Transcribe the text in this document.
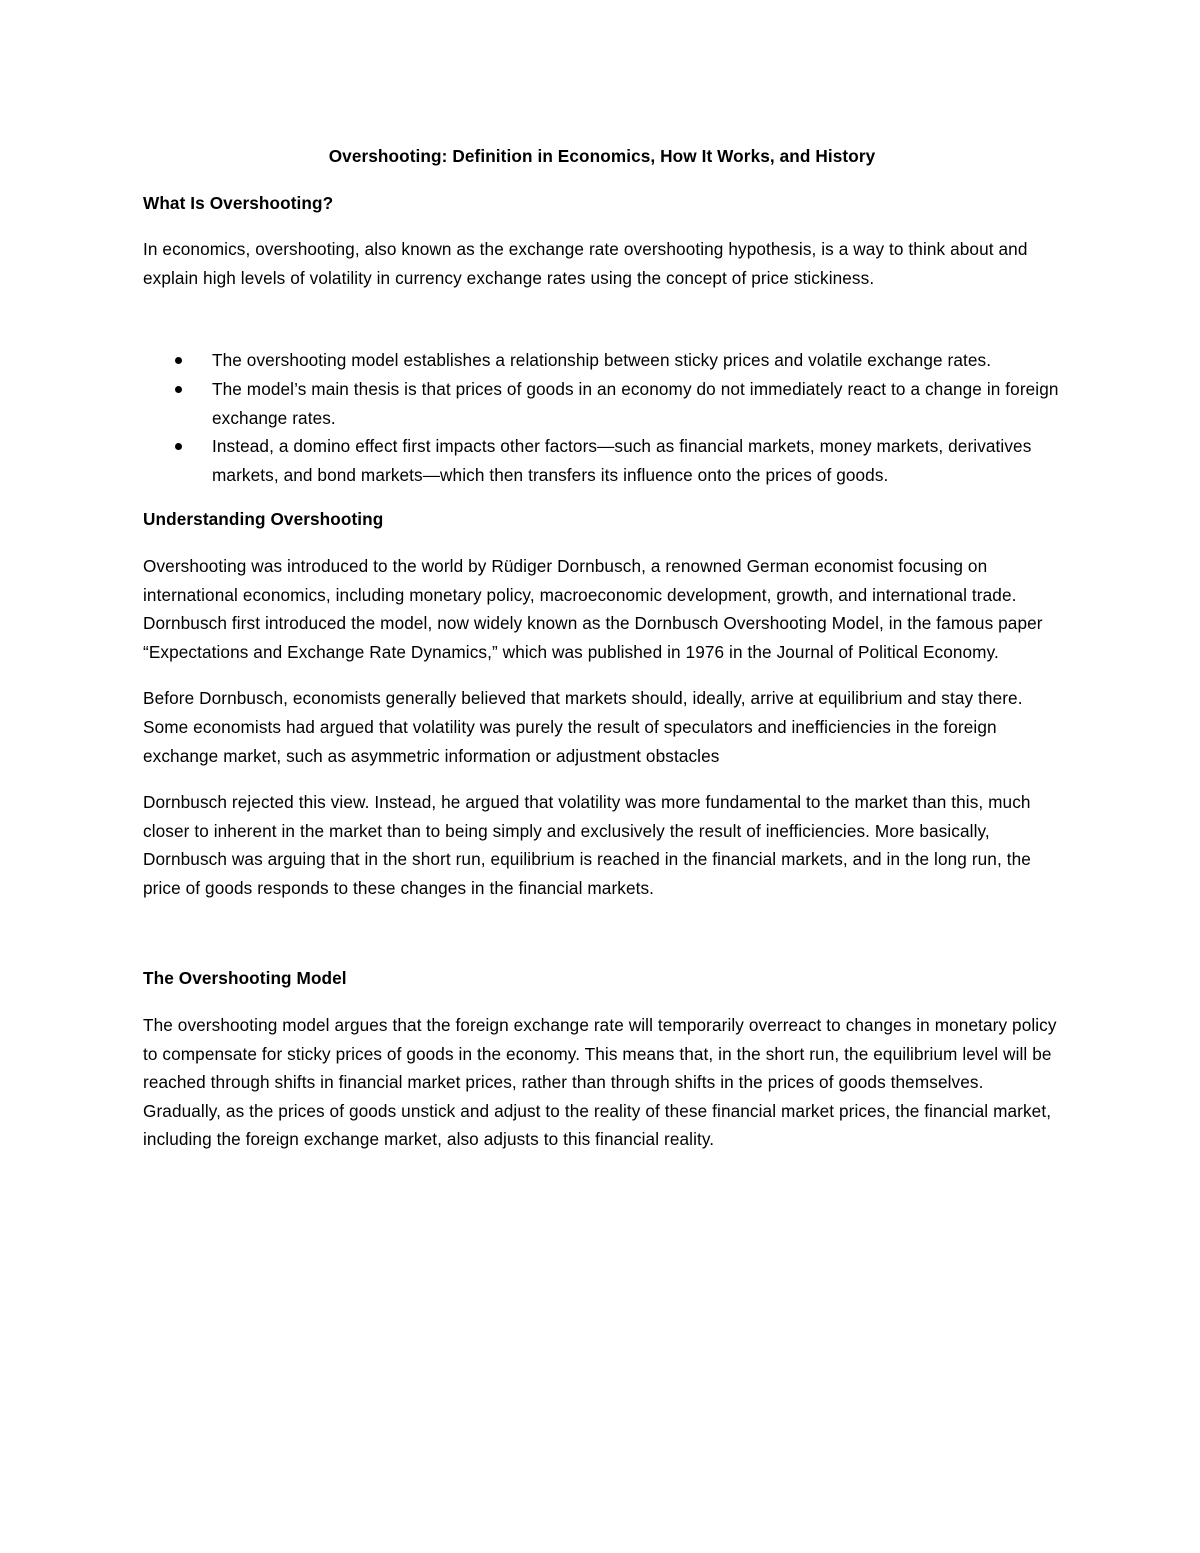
Overshooting: Definition in Economics, How It Works, and History
What Is Overshooting?

In economics, overshooting, also known as the exchange rate overshooting hypothesis, is a way to think about and explain high levels of volatility in currency exchange rates using the concept of price stickiness.

The overshooting model establishes a relationship between sticky prices and volatile exchange rates.
The model’s main thesis is that prices of goods in an economy do not immediately react to a change in foreign exchange rates.
Instead, a domino effect first impacts other factors—such as financial markets, money markets, derivatives markets, and bond markets—which then transfers its influence onto the prices of goods.
Understanding Overshooting

Overshooting was introduced to the world by Rüdiger Dornbusch, a renowned German economist focusing on international economics, including monetary policy, macroeconomic development, growth, and international trade. Dornbusch first introduced the model, now widely known as the Dornbusch Overshooting Model, in the famous paper “Expectations and Exchange Rate Dynamics,” which was published in 1976 in the Journal of Political Economy.

Before Dornbusch, economists generally believed that markets should, ideally, arrive at equilibrium and stay there. Some economists had argued that volatility was purely the result of speculators and inefficiencies in the foreign exchange market, such as asymmetric information or adjustment obstacles

Dornbusch rejected this view. Instead, he argued that volatility was more fundamental to the market than this, much closer to inherent in the market than to being simply and exclusively the result of inefficiencies. More basically, Dornbusch was arguing that in the short run, equilibrium is reached in the financial markets, and in the long run, the price of goods responds to these changes in the financial markets.

The Overshooting Model

The overshooting model argues that the foreign exchange rate will temporarily overreact to changes in monetary policy to compensate for sticky prices of goods in the economy. This means that, in the short run, the equilibrium level will be reached through shifts in financial market prices, rather than through shifts in the prices of goods themselves. Gradually, as the prices of goods unstick and adjust to the reality of these financial market prices, the financial market, including the foreign exchange market, also adjusts to this financial reality.
